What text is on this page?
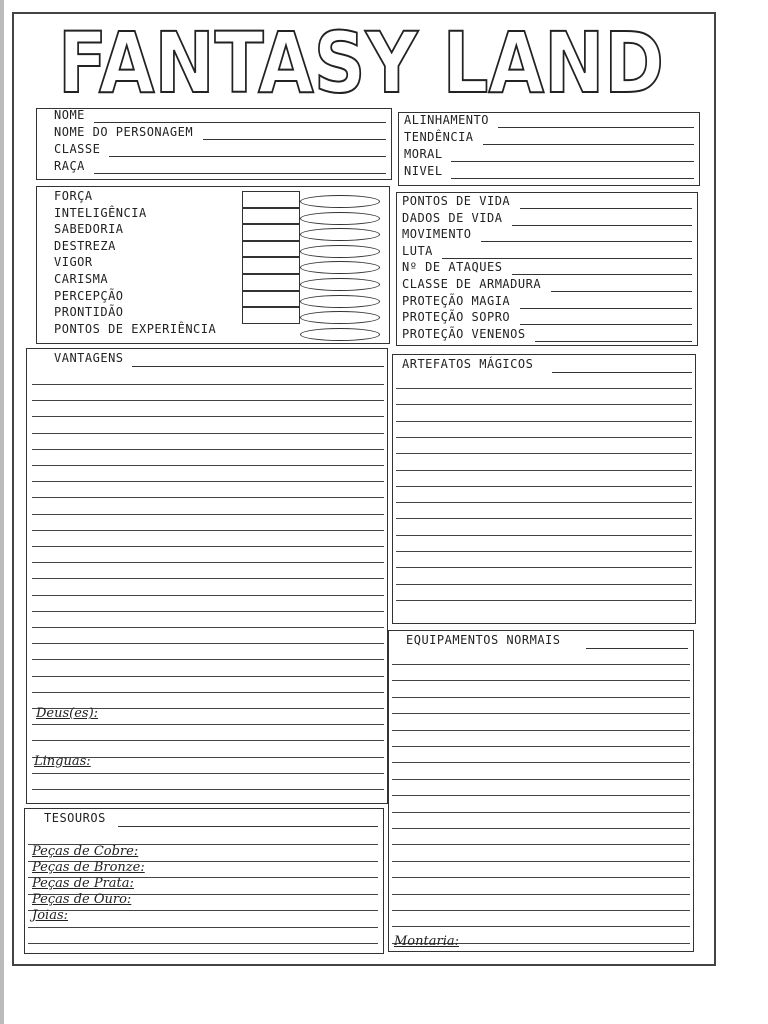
FANTASY LAND
NOME
NOME DO PERSONAGEM
CLASSE
RAÇA
ALINHAMENTO
TENDÊNCIA
MORAL
NIVEL
FORÇA
INTELIGÊNCIA
SABEDORIA
DESTREZA
VIGOR
CARISMA
PERCEPÇÃO
PRONTIDÃO
PONTOS DE EXPERIÊNCIA
PONTOS DE VIDA
DADOS DE VIDA
MOVIMENTO
LUTA
Nº DE ATAQUES
CLASSE DE ARMADURA
PROTEÇÃO MAGIA
PROTEÇÃO SOPRO
PROTEÇÃO VENENOS
VANTAGENS
Deus(es):
Linguas:
ARTEFATOS MÁGICOS
EQUIPAMENTOS NORMAIS
Montaria:
TESOUROS
Peças de Cobre:
Peças de Bronze:
Peças de Prata:
Peças de Ouro:
Joias:
